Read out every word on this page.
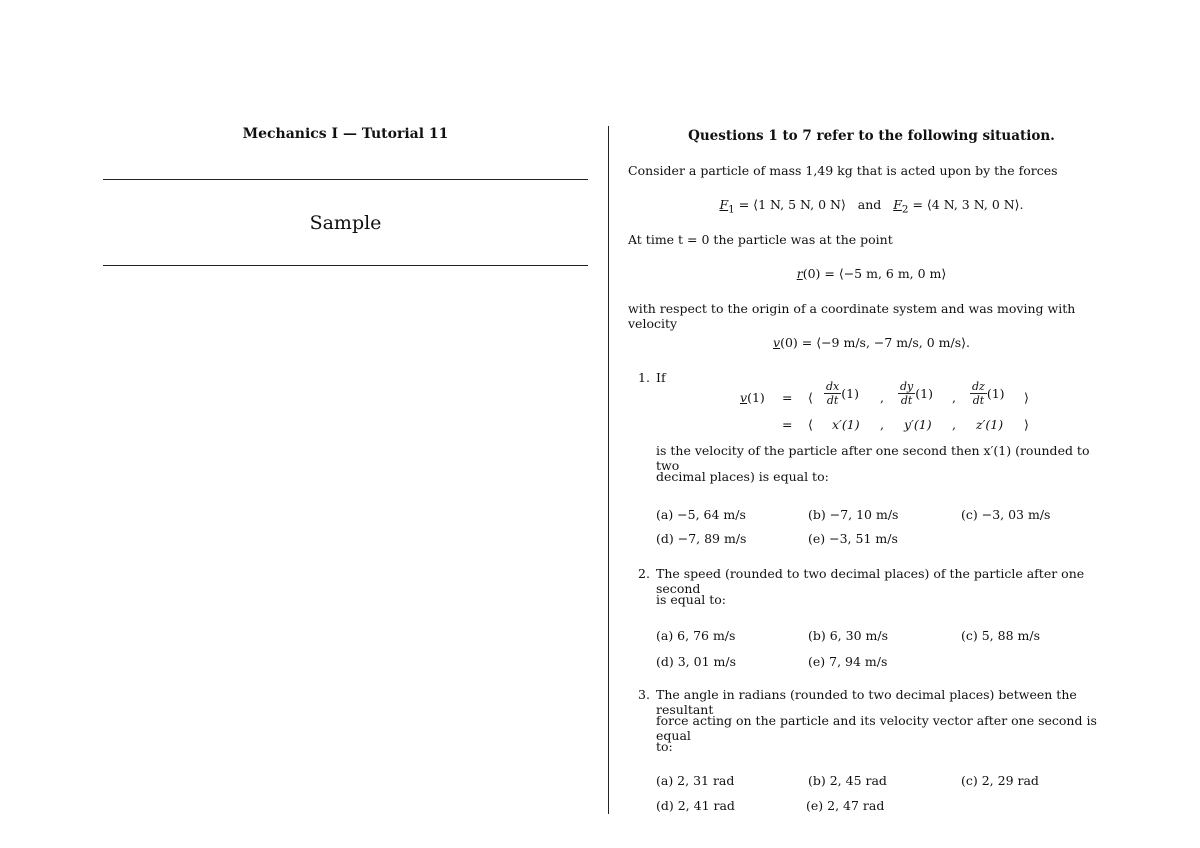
Mechanics I — Tutorial 11
Sample
Questions 1 to 7 refer to the following situation.
Consider a particle of mass 1,49 kg that is acted upon by the forces
$F_1$ = ⟨1 N, 5 N, 0 N⟩ and $F_2$ = ⟨4 N, 3 N, 0 N⟩.
At time t = 0 the particle was at the point
r(0) = ⟨−5 m, 6 m, 0 m⟩
with respect to the origin of a coordinate system and was moving with velocity
v(0) = ⟨−9 m/s, −7 m/s, 0 m/s⟩.
1. If
v(1) = ⟨ $\frac{dx}{dt} (1)$ , $\frac{dy}{dt} (1)$ , $\frac{dz}{dt} (1)$ ⟩
= ⟨ x′(1) , y′(1) , z′(1) ⟩
is the velocity of the particle after one second then x′(1) (rounded to two
decimal places) is equal to:
(a) −5, 64 m/s	(b) −7, 10 m/s	(c) −3, 03 m/s
(d) −7, 89 m/s	(e) −3, 51 m/s
2. The speed (rounded to two decimal places) of the particle after one second
is equal to:
(a) 6, 76 m/s	(b) 6, 30 m/s	(c) 5, 88 m/s
(d) 3, 01 m/s	(e) 7, 94 m/s
3. The angle in radians (rounded to two decimal places) between the resultant
force acting on the particle and its velocity vector after one second is equal
to:
(a) 2, 31 rad	(b) 2, 45 rad	(c) 2, 29 rad
(d) 2, 41 rad	(e) 2, 47 rad
